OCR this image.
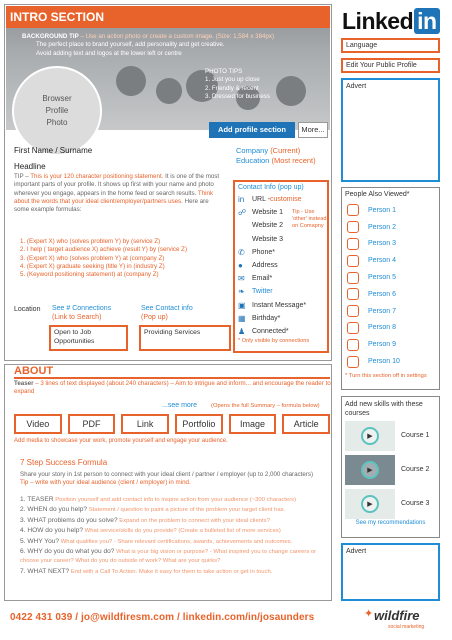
INTRO SECTION
BACKGROUND TIP – Use an action photo or create a custom image. (Size: 1,584 x 384px)
The perfect place to brand yourself, add personality and get creative.
Avoid adding text and logos at the lower left or centre
PHOTO TIPS
1. Just you up close
2. Friendly & recent
3. Dressed for business
Browser
Profile
Photo
Add profile section	More...
First Name / Surname
Headline
Company (Current)
Education (Most recent)
TIP – This is your 120 character positioning statement. It is one of the most important parts of your profile. It shows up first with your name and photo wherever you engage, appears in the home feed or search results. Think about the words that your ideal client/employer/partners uses. Here are some example formulas:
1. (Expert X) who (solves problem Y) by (service Z)
2. I help ( target audience X) achieve (result Y) by (service Z)
3. (Expert X) who (solves problem Y) at (company Z)
4. (Expert X) graduate seeking (title Y) in (industry Z)
5. (Keyword positioning statement) at (company Z)
Contact Info (pop up)
in	URL - customise
☍ Website 1
Website 2
Website 3
Tip - Use 'other' instead on Comapny
✆	Phone*
●	Address
✉	Email*
❧	Twitter
▣ Instant Message*
▦ Birthday*
♟ Connected*
* Only visible by connections
Location See # Connections
(Link to Search)
See Contact info
(Pop up)
Open to Job Opportunities
Providing Services
Linked in
Language
Edit Your Public Profile
Advert
People Also Viewed*
Person 1
Person 2
Person 3
Person 4
Person 5
Person 6
Person 7
Person 8
Person 9
Person 10
* Turn this section off in settings
Add new skills with these courses
▶	Course 1
▶	Course 2
▶	Course 3
See my recommendations
Advert
ABOUT
Teaser – 3 lines of text displayed (about 240 characters) – Aim to intrigue and inform... and encourage the reader to expand
...see more (Opens the full Summary – formula below)
Video	PDF	Link	Portfolio	Image	Article
Add media to showcase your work, promote yourself and engage your audience.
7 Step Success Formula
Share your story in 1st person to connect with your ideal client / partner / employer (up to 2,000 characters)
Tip – write with your ideal audience (client / employer) in mind.
1. TEASER Position yourself and add contact info to inspire action from your audience (~300 characters)
2. WHEN do you help? Statement / question to paint a picture of the problem your target client has.
3. WHAT problems do you solve? Expand on the problem to connect with your ideal clients?
4. HOW do you help? What service/skills do you provide? (Create a bulleted list of more services)
5. WHY You? What qualifies you? - Share relevant certifications, awards, achievements and outcomes.
6. WHY do you do what you do? What is your big vision or purpose? - What inspired you to change careers or choose your career? What do you do outside of work? What are your quirks?
7. WHAT NEXT? End with a Call To Action. Make it easy for them to take action or get in touch.
0422 431 039 / jo@wildfiresm.com / linkedin.com/in/josaunders	✦ wildfire
social marketing
